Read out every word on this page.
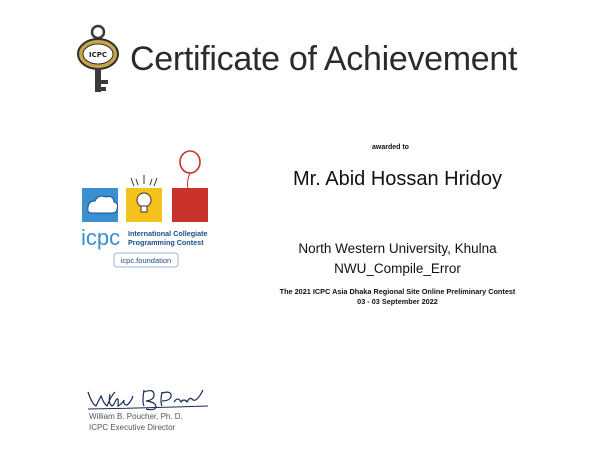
ICPC Certificate of Achievement
awarded to
Mr. Abid Hossan Hridoy
North Western University, Khulna
NWU_Compile_Error
The 2021 ICPC Asia Dhaka Regional Site Online Preliminary Contest
03 - 03 September 2022
icpc International Collegiate
Programming Contest
icpc.foundation
William B. Poucher, Ph. D.
ICPC Executive Director
